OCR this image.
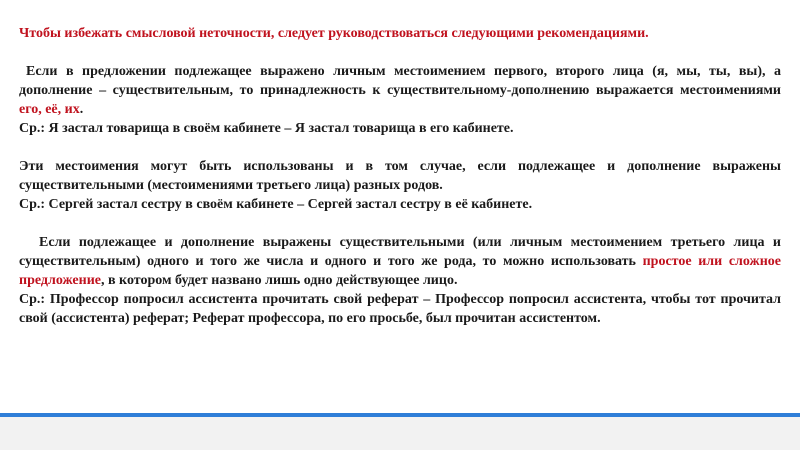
Чтобы избежать смысловой неточности, следует руководствоваться следующими рекомендациями.

Если в предложении подлежащее выражено личным местоимением первого, второго лица (я, мы, ты, вы), а дополнение – существительным, то принадлежность к существительному-дополнению выражается местоимениями его, её, их.

Ср.: Я застал товарища в своём кабинете – Я застал товарища в его кабинете.

Эти местоимения могут быть использованы и в том случае, если подлежащее и дополнение выражены существительными (местоимениями третьего лица) разных родов.

Ср.: Сергей застал сестру в своём кабинете – Сергей застал сестру в её кабинете.

Если подлежащее и дополнение выражены существительными (или личным местоимением третьего лица и существительным) одного и того же числа и одного и того же рода, то можно использовать простое или сложное предложение, в котором будет названо лишь одно действующее лицо.

Ср.: Профессор попросил ассистента прочитать свой реферат – Профессор попросил ассистента, чтобы тот прочитал свой (ассистента) реферат; Реферат профессора, по его просьбе, был прочитан ассистентом.
